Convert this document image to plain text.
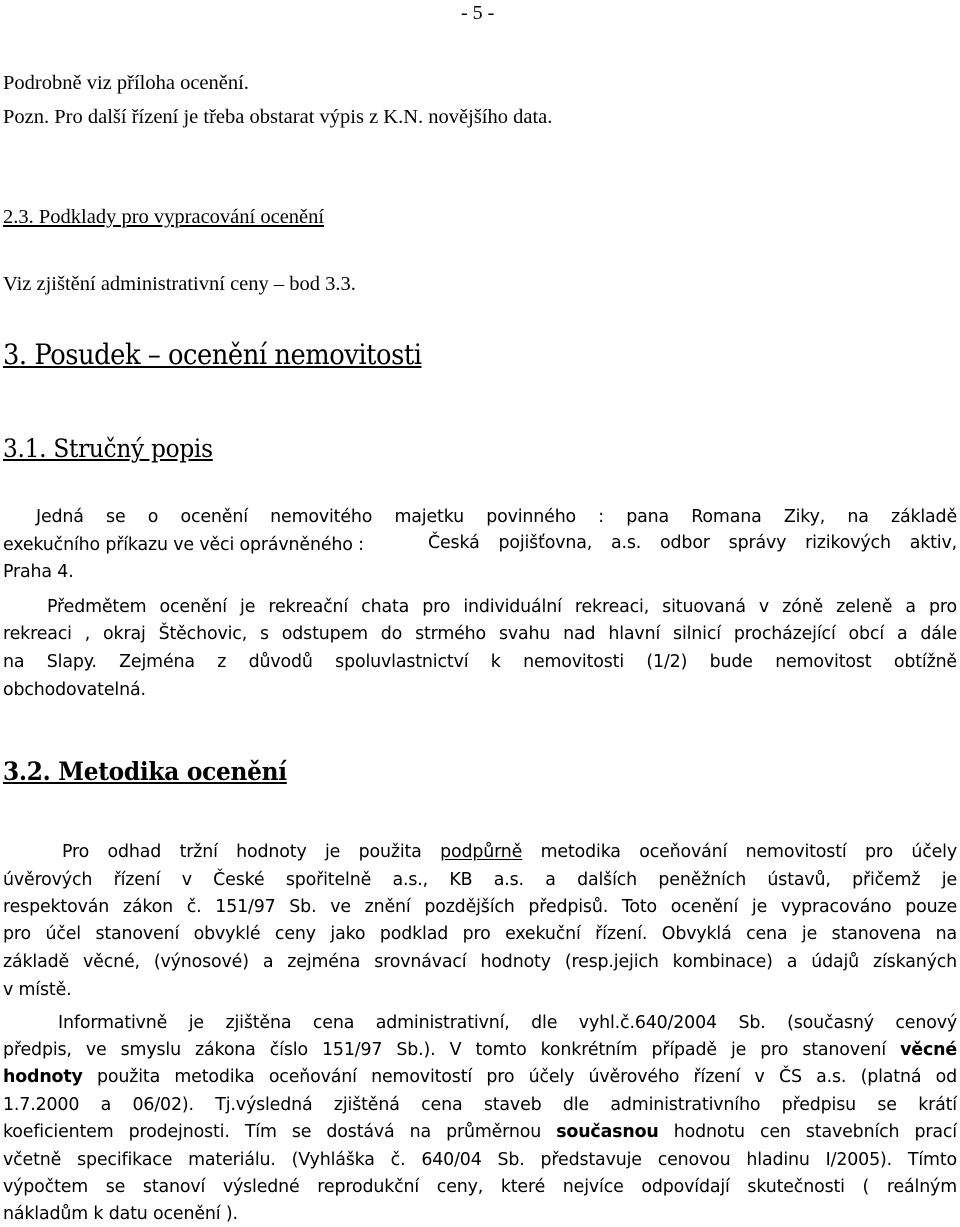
- 5 -
Podrobně viz příloha ocenění.
Pozn. Pro další řízení je třeba obstarat výpis z K.N. novějšího data.
2.3. Podklady pro vypracování ocenění
Viz zjištění administrativní ceny – bod 3.3.
3. Posudek – ocenění nemovitosti
3.1. Stručný popis
Jedná se o ocenění nemovitého majetku povinného : pana Romana Ziky, na základě
exekučního příkazu ve věci oprávněného :	Česká pojišťovna, a.s. odbor správy rizikových aktiv,
Praha 4.
Předmětem ocenění je rekreační chata pro individuální rekreaci, situovaná v zóně zeleně a pro
rekreaci , okraj Štěchovic, s odstupem do strmého svahu nad hlavní silnicí procházející obcí a dále
na Slapy. Zejména z důvodů spoluvlastnictví k nemovitosti (1/2) bude nemovitost obtížně
obchodovatelná.
3.2. Metodika ocenění
Pro odhad tržní hodnoty je použita podpůrně metodika oceňování nemovitostí pro účely
úvěrových řízení v České spořitelně a.s., KB a.s. a dalších peněžních ústavů, přičemž je
respektován zákon č. 151/97 Sb. ve znění pozdějších předpisů. Toto ocenění je vypracováno pouze
pro účel stanovení obvyklé ceny jako podklad pro exekuční řízení. Obvyklá cena je stanovena na
základě věcné, (výnosové) a zejména srovnávací hodnoty (resp.jejich kombinace) a údajů získaných
v místě.
Informativně je zjištěna cena administrativní, dle vyhl.č.640/2004 Sb. (současný cenový
předpis, ve smyslu zákona číslo 151/97 Sb.). V tomto konkrétním případě je pro stanovení věcné
hodnoty použita metodika oceňování nemovitostí pro účely úvěrového řízení v ČS a.s. (platná od
1.7.2000 a 06/02). Tj.výsledná zjištěná cena staveb dle administrativního předpisu se krátí
koeficientem prodejnosti. Tím se dostává na průměrnou současnou hodnotu cen stavebních prací
včetně specifikace materiálu. (Vyhláška č. 640/04 Sb. představuje cenovou hladinu I/2005). Tímto
výpočtem se stanoví výsledné reprodukční ceny, které nejvíce odpovídají skutečnosti ( reálným
nákladům k datu ocenění ).
